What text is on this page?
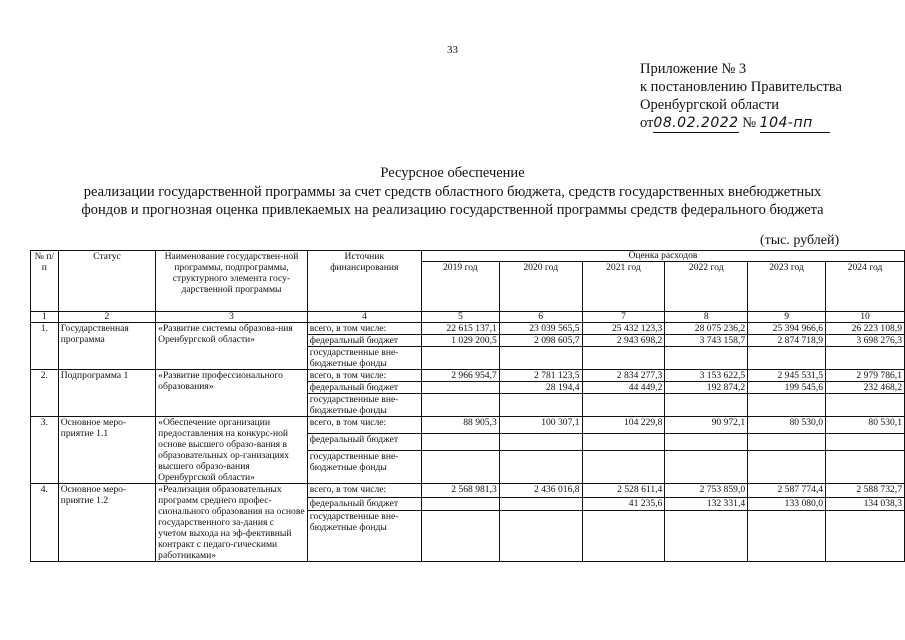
33
Приложение № 3
к постановлению Правительства
Оренбургской области
от08.02.2022 № 104-пп
Ресурсное обеспечение
реализации государственной программы за счет средств областного бюджета, средств государственных внебюджетных
фондов и прогнозная оценка привлекаемых на реализацию государственной программы средств федерального бюджета
(тыс. рублей)
№ п/п	Статус	Наименование государствен-ной программы, подпрограммы, структурного элемента госу-дарственной программы	Источник финансирования	Оценка расходов					
				2019 год	2020 год	2021 год	2022 год	2023 год	2024 год
1	2	3	4	5	6	7	8	9	10
1.	Государственная программа	«Развитие системы образова-ния Оренбургской области»	всего, в том числе:	22 615 137,1	23 039 565,5	25 432 123,3	28 075 236,2	25 394 966,6	26 223 108,9
			федеральный бюджет	1 029 200,5	2 098 605,7	2 943 698,2	3 743 158,7	2 874 718,9	3 698 276,3
			государственные вне-бюджетные фонды						
2.	Подпрограмма 1	«Развитие профессионального образования»	всего, в том числе:	2 966 954,7	2 781 123,5	2 834 277,3	3 153 622,5	2 945 531,5	2 979 786,1
			федеральный бюджет		28 194,4	44 449,2	192 874,2	199 545,6	232 468,2
			государственные вне-бюджетные фонды						
3.	Основное меро-приятие 1.1	«Обеспечение организации предоставления на конкурс-ной основе высшего образо-вания в образовательных ор-ганизациях высшего образо-вания Оренбургской области»	всего, в том числе:	88 905,3	100 307,1	104 229,8	90 972,1	80 530,0	80 530,1
			федеральный бюджет						
			государственные вне-бюджетные фонды						
4.	Основное меро-приятие 1.2	«Реализация образовательных программ среднего профес-сионального образования на основе государственного за-дания с учетом выхода на эф-фективный контракт с педаго-гическими работниками»	всего, в том числе:	2 568 981,3	2 436 016,8	2 528 611,4	2 753 859,0	2 587 774,4	2 588 732,7
			федеральный бюджет			41 235,6	132 331,4	133 080,0	134 038,3
			государственные вне-бюджетные фонды						
